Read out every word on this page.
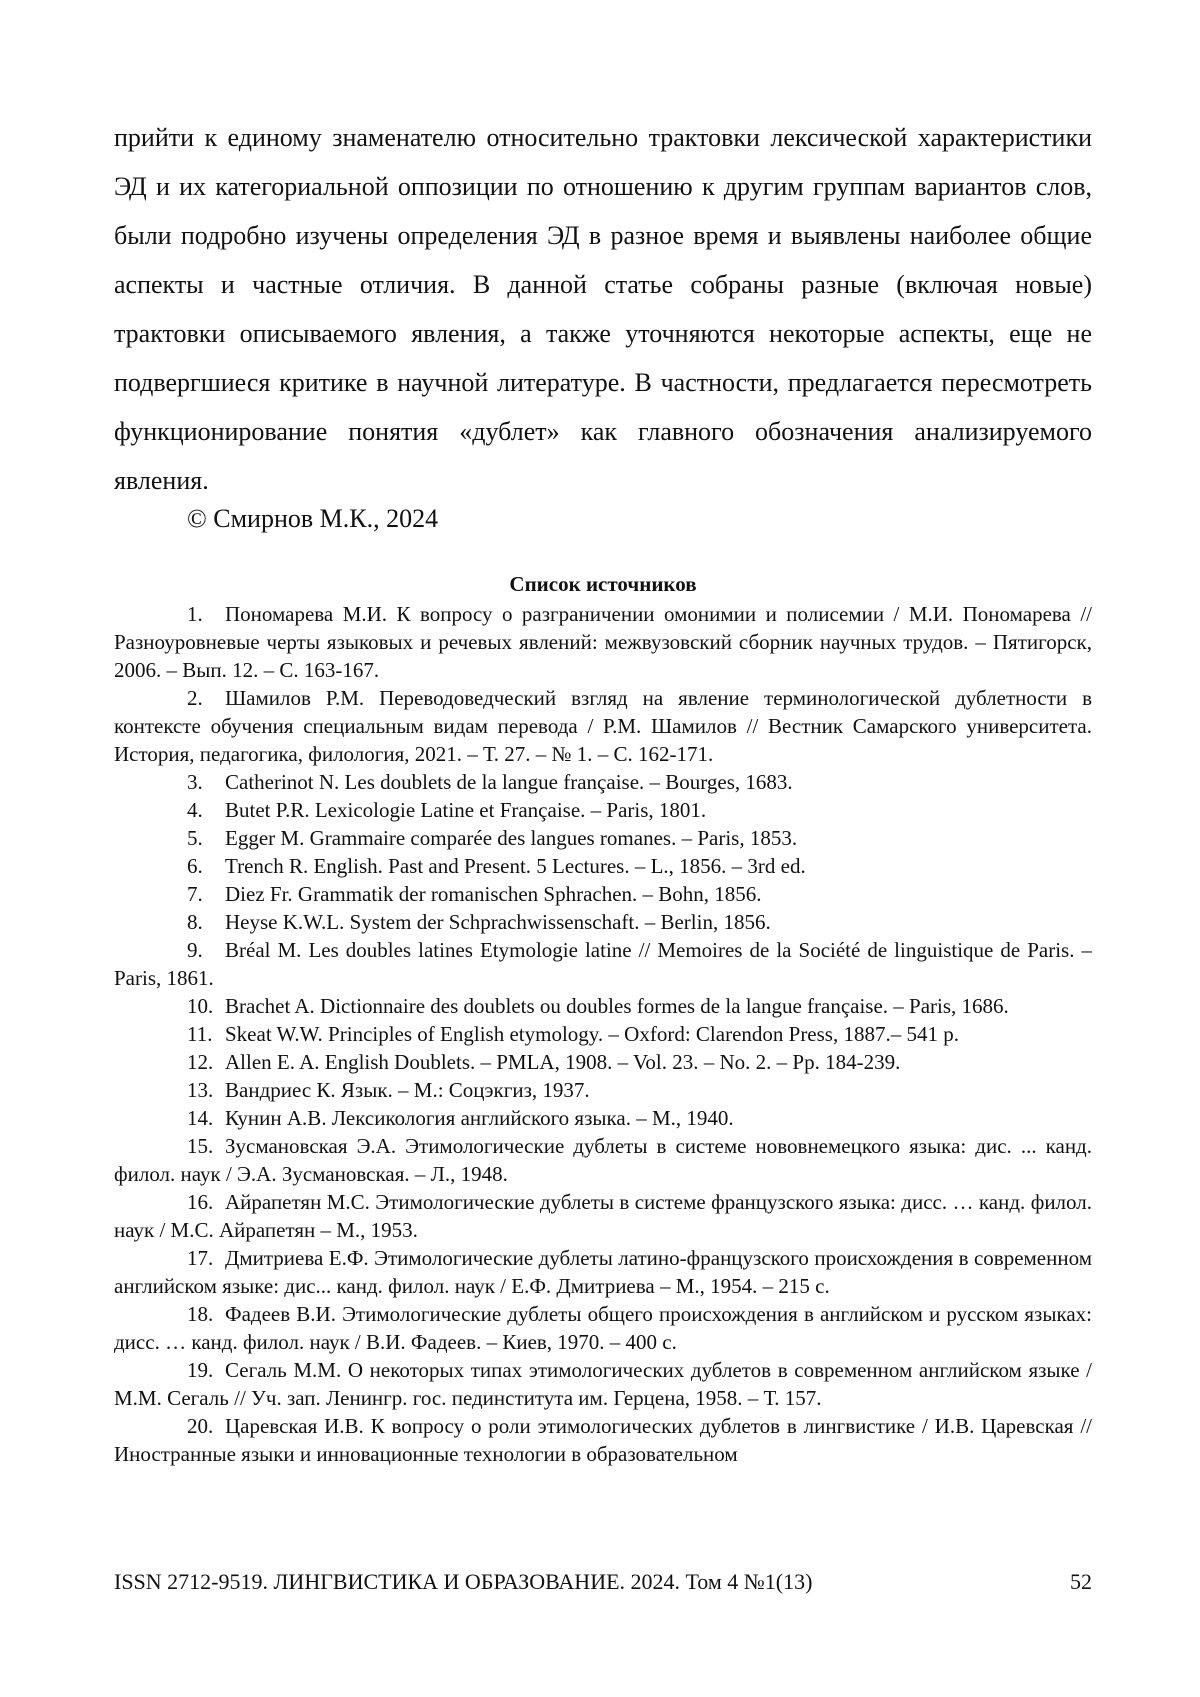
прийти к единому знаменателю относительно трактовки лексической характеристики ЭД и их категориальной оппозиции по отношению к другим группам вариантов слов, были подробно изучены определения ЭД в разное время и выявлены наиболее общие аспекты и частные отличия. В данной статье собраны разные (включая новые) трактовки описываемого явления, а также уточняются некоторые аспекты, еще не подвергшиеся критике в научной литературе. В частности, предлагается пересмотреть функционирование понятия «дублет» как главного обозначения анализируемого явления.

© Смирнов М.К., 2024

Список источников
1. Пономарева М.И. К вопросу о разграничении омонимии и полисемии / М.И. Пономарева // Разноуровневые черты языковых и речевых явлений: межвузовский сборник научных трудов. – Пятигорск, 2006. – Вып. 12. – С. 163-167.
2. Шамилов Р.М. Переводоведческий взгляд на явление терминологической дублетности в контексте обучения специальным видам перевода / Р.М. Шамилов // Вестник Самарского университета. История, педагогика, филология, 2021. – Т. 27. – № 1. – С. 162-171.
3. Catherinot N. Les doublets de la langue française. – Bourges, 1683.
4. Butet P.R. Lexicologie Latine et Française. – Paris, 1801.
5. Egger M. Grammaire comparée des langues romanes. – Paris, 1853.
6. Trench R. English. Past and Present. 5 Lectures. – L., 1856. – 3rd ed.
7. Diez Fr. Grammatik der romanischen Sphrachen. – Bohn, 1856.
8. Heyse K.W.L. System der Schprachwissenschaft. – Berlin, 1856.
9. Bréal M. Les doubles latines Etymologie latine // Memoires de la Société de linguistique de Paris. – Paris, 1861.
10. Brachet A. Dictionnaire des doublets ou doubles formes de la langue française. – Paris, 1686.
11. Skeat W.W. Principles of English etymology. – Oxford: Clarendon Press, 1887.– 541 p.
12. Allen E. A. English Doublets. – PMLA, 1908. – Vol. 23. – No. 2. – Pp. 184-239.
13. Вандриес К. Язык. – М.: Соцэкгиз, 1937.
14. Кунин А.В. Лексикология английского языка. – М., 1940.
15. Зусмановская Э.А. Этимологические дублеты в системе нововнемецкого языка: дис. ... канд. филол. наук / Э.А. Зусмановская. – Л., 1948.
16. Айрапетян М.С. Этимологические дублеты в системе французского языка: дисс. … канд. филол. наук / М.С. Айрапетян – М., 1953.
17. Дмитриева Е.Ф. Этимологические дублеты латино-французского происхождения в современном английском языке: дис... канд. филол. наук / Е.Ф. Дмитриева – М., 1954. – 215 с.
18. Фадеев В.И. Этимологические дублеты общего происхождения в английском и русском языках: дисс. … канд. филол. наук / В.И. Фадеев. – Киев, 1970. – 400 с.
19. Сегаль М.М. О некоторых типах этимологических дублетов в современном английском языке / М.М. Сегаль // Уч. зап. Ленингр. гос. пединститута им. Герцена, 1958. – Т. 157.
20. Царевская И.В. К вопросу о роли этимологических дублетов в лингвистике / И.В. Царевская // Иностранные языки и инновационные технологии в образовательном
ISSN 2712-9519. ЛИНГВИСТИКА И ОБРАЗОВАНИЕ. 2024. Том 4 №1(13)	52
